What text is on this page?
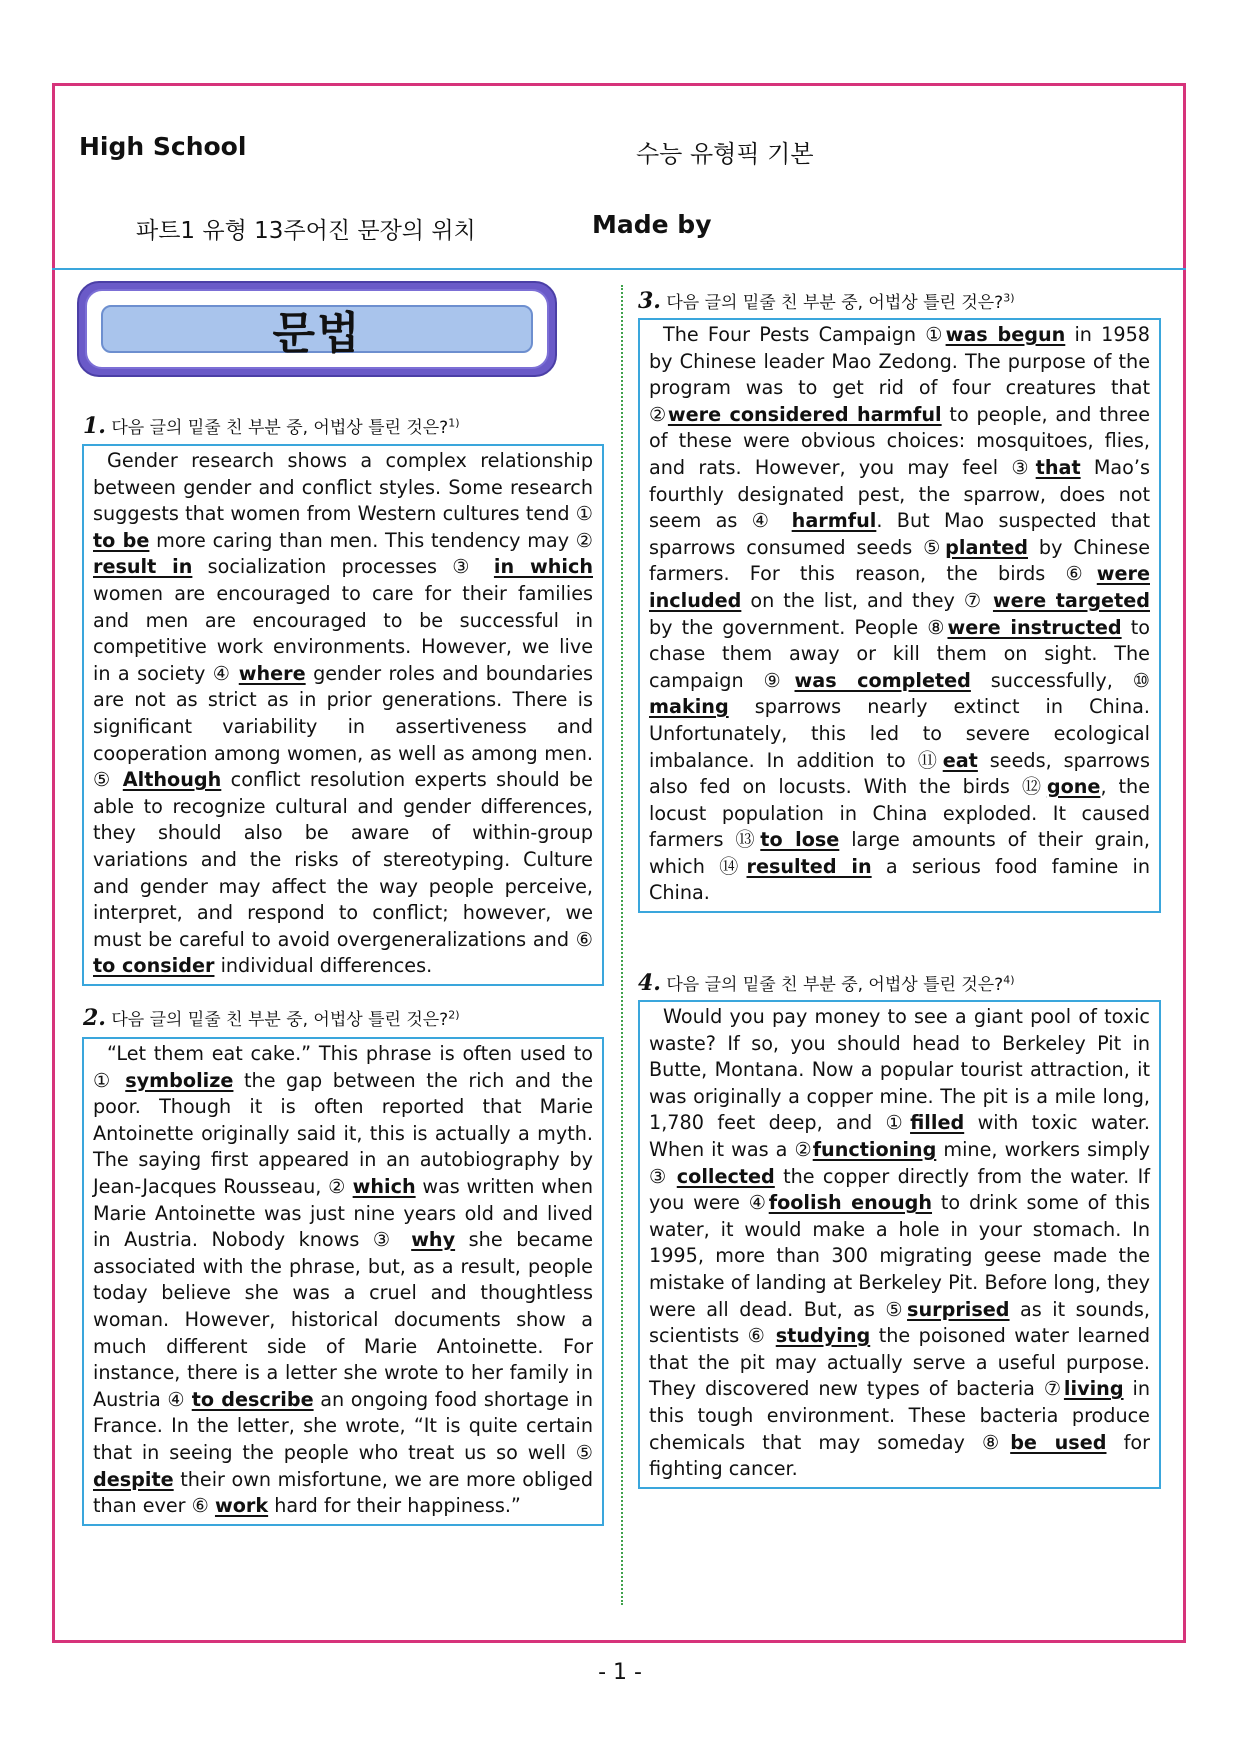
High School	수능 유형픽 기본
파트1 유형 13주어진 문장의 위치	Made by
문법
1. 다음 글의 밑줄 친 부분 중, 어법상 틀린 것은?$^{1)}$

Gender research shows a complex relationship between gender and conflict styles. Some research suggests that women from Western cultures tend ① to be more caring than men. This tendency may ② result in socialization processes ③ in which women are encouraged to care for their families and men are encouraged to be successful in competitive work environments. However, we live in a society ④ where gender roles and boundaries are not as strict as in prior generations. There is significant variability in assertiveness and cooperation among women, as well as among men. ⑤ Although conflict resolution experts should be able to recognize cultural and gender differences, they should also be aware of within-group variations and the risks of stereotyping. Culture and gender may affect the way people perceive, interpret, and respond to conflict; however, we must be careful to avoid overgeneralizations and ⑥ to consider individual differences.

2. 다음 글의 밑줄 친 부분 중, 어법상 틀린 것은?$^{2)}$

“Let them eat cake.” This phrase is often used to ① symbolize the gap between the rich and the poor. Though it is often reported that Marie Antoinette originally said it, this is actually a myth. The saying first appeared in an autobiography by Jean-Jacques Rousseau, ② which was written when Marie Antoinette was just nine years old and lived in Austria. Nobody knows ③ why she became associated with the phrase, but, as a result, people today believe she was a cruel and thoughtless woman. However, historical documents show a much different side of Marie Antoinette. For instance, there is a letter she wrote to her family in Austria ④ to describe an ongoing food shortage in France. In the letter, she wrote, “It is quite certain that in seeing the people who treat us so well ⑤ despite their own misfortune, we are more obliged than ever ⑥ work hard for their happiness.”

3. 다음 글의 밑줄 친 부분 중, 어법상 틀린 것은?$^{3)}$

The Four Pests Campaign ①was begun in 1958 by Chinese leader Mao Zedong. The purpose of the program was to get rid of four creatures that ②were considered harmful to people, and three of these were obvious choices: mosquitoes, flies, and rats. However, you may feel ③that Mao’s fourthly designated pest, the sparrow, does not seem as ④ harmful. But Mao suspected that sparrows consumed seeds ⑤planted by Chinese farmers. For this reason, the birds ⑥were included on the list, and they ⑦ were targeted by the government. People ⑧were instructed to chase them away or kill them on sight. The campaign ⑨was completed successfully, ⑩ making sparrows nearly extinct in China. Unfortunately, this led to severe ecological imbalance. In addition to ⑪eat seeds, sparrows also fed on locusts. With the birds ⑫gone, the locust population in China exploded. It caused farmers ⑬to lose large amounts of their grain, which ⑭resulted in a serious food famine in China.

4. 다음 글의 밑줄 친 부분 중, 어법상 틀린 것은?$^{4)}$

Would you pay money to see a giant pool of toxic waste? If so, you should head to Berkeley Pit in Butte, Montana. Now a popular tourist attraction, it was originally a copper mine. The pit is a mile long, 1,780 feet deep, and ①filled with toxic water. When it was a ②functioning mine, workers simply ③ collected the copper directly from the water. If you were ④foolish enough to drink some of this water, it would make a hole in your stomach. In 1995, more than 300 migrating geese made the mistake of landing at Berkeley Pit. Before long, they were all dead. But, as ⑤surprised as it sounds, scientists ⑥ studying the poisoned water learned that the pit may actually serve a useful purpose. They discovered new types of bacteria ⑦living in this tough environment. These bacteria produce chemicals that may someday ⑧be used for fighting cancer.

- 1 -
